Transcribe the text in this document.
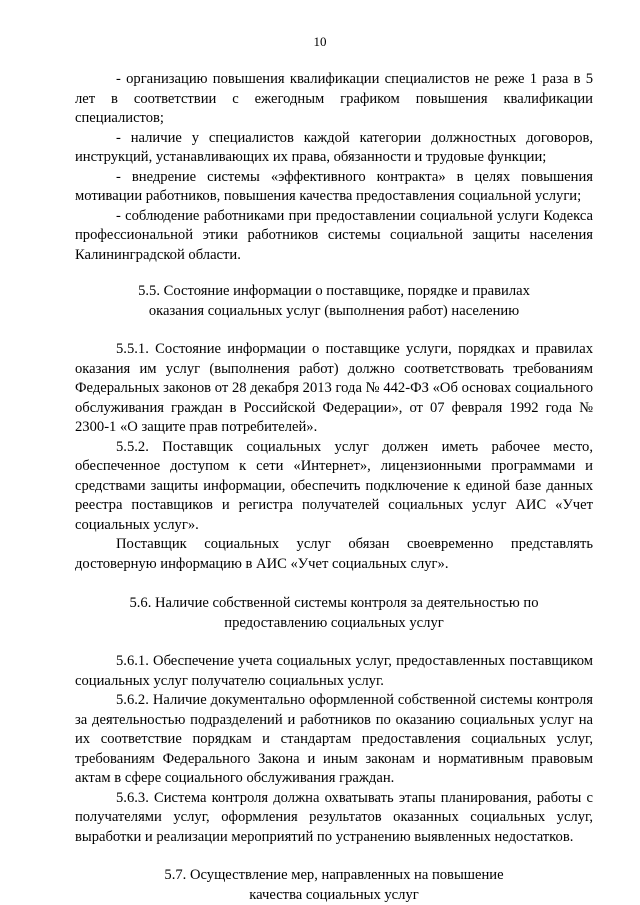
10

- организацию повышения квалификации специалистов не реже 1 раза в 5 лет в соответствии с ежегодным графиком повышения квалификации специалистов;

- наличие у специалистов каждой категории должностных договоров, инструкций, устанавливающих их права, обязанности и трудовые функции;

- внедрение системы «эффективного контракта» в целях повышения мотивации работников, повышения качества предоставления социальной услуги;

- соблюдение работниками при предоставлении социальной услуги Кодекса профессиональной этики работников системы социальной защиты населения Калининградской области.

5.5. Состояние информации о поставщике, порядке и правилах
оказания социальных услуг (выполнения работ) населению

5.5.1. Состояние информации о поставщике услуги, порядках и правилах оказания им услуг (выполнения работ) должно соответствовать требованиям Федеральных законов от 28 декабря 2013 года № 442-ФЗ «Об основах социального обслуживания граждан в Российской Федерации», от 07 февраля 1992 года № 2300-1 «О защите прав потребителей».

5.5.2. Поставщик социальных услуг должен иметь рабочее место, обеспеченное доступом к сети «Интернет», лицензионными программами и средствами защиты информации, обеспечить подключение к единой базе данных реестра поставщиков и регистра получателей социальных услуг АИС «Учет социальных услуг».

Поставщик социальных услуг обязан своевременно представлять достоверную информацию в АИС «Учет социальных слуг».

5.6. Наличие собственной системы контроля за деятельностью по
предоставлению социальных услуг

5.6.1. Обеспечение учета социальных услуг, предоставленных поставщиком социальных услуг получателю социальных услуг.

5.6.2. Наличие документально оформленной собственной системы контроля за деятельностью подразделений и работников по оказанию социальных услуг на их соответствие порядкам и стандартам предоставления социальных услуг, требованиям Федерального Закона и иным законам и нормативным правовым актам в сфере социального обслуживания граждан.

5.6.3. Система контроля должна охватывать этапы планирования, работы с получателями услуг, оформления результатов оказанных социальных услуг, выработки и реализации мероприятий по устранению выявленных недостатков.

5.7. Осуществление мер, направленных на повышение
качества социальных услуг
